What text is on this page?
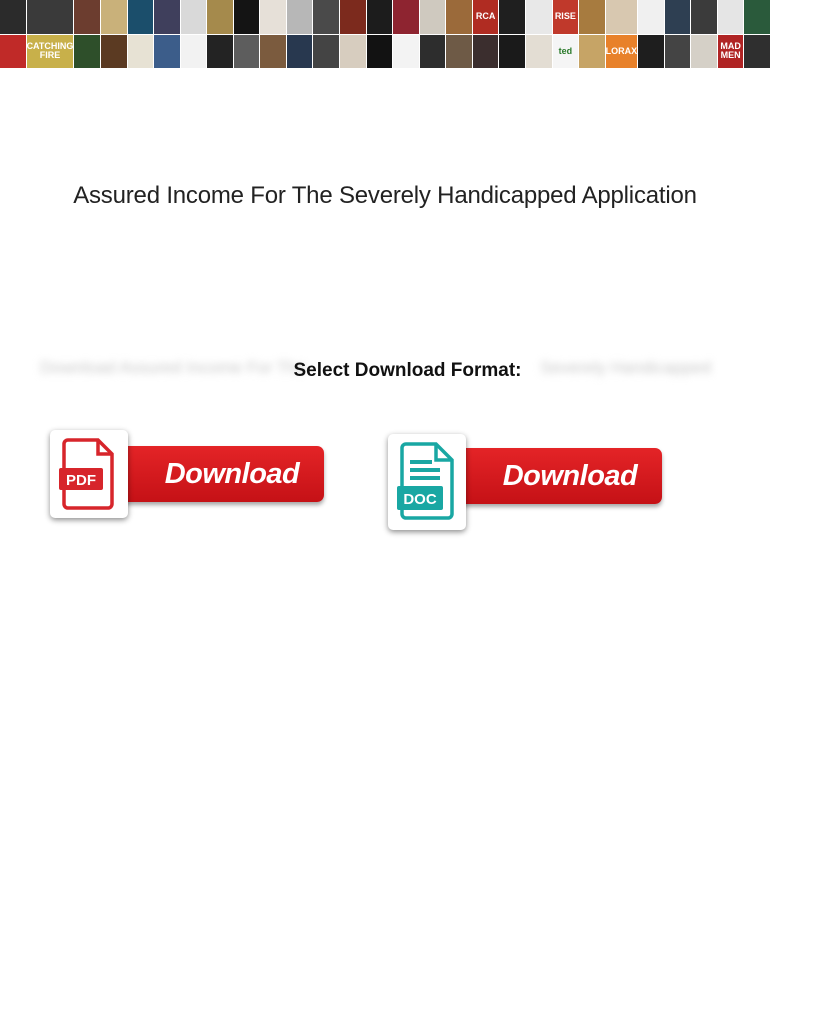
RCA	RISE
CATCHING
FIRE	ted	LORAX	MAD
MEN
Assured Income For The Severely Handicapped Application
Download Assured Income For The
Select Download Format:	Severely Handicapped
Download
PDF	Download
DOC
